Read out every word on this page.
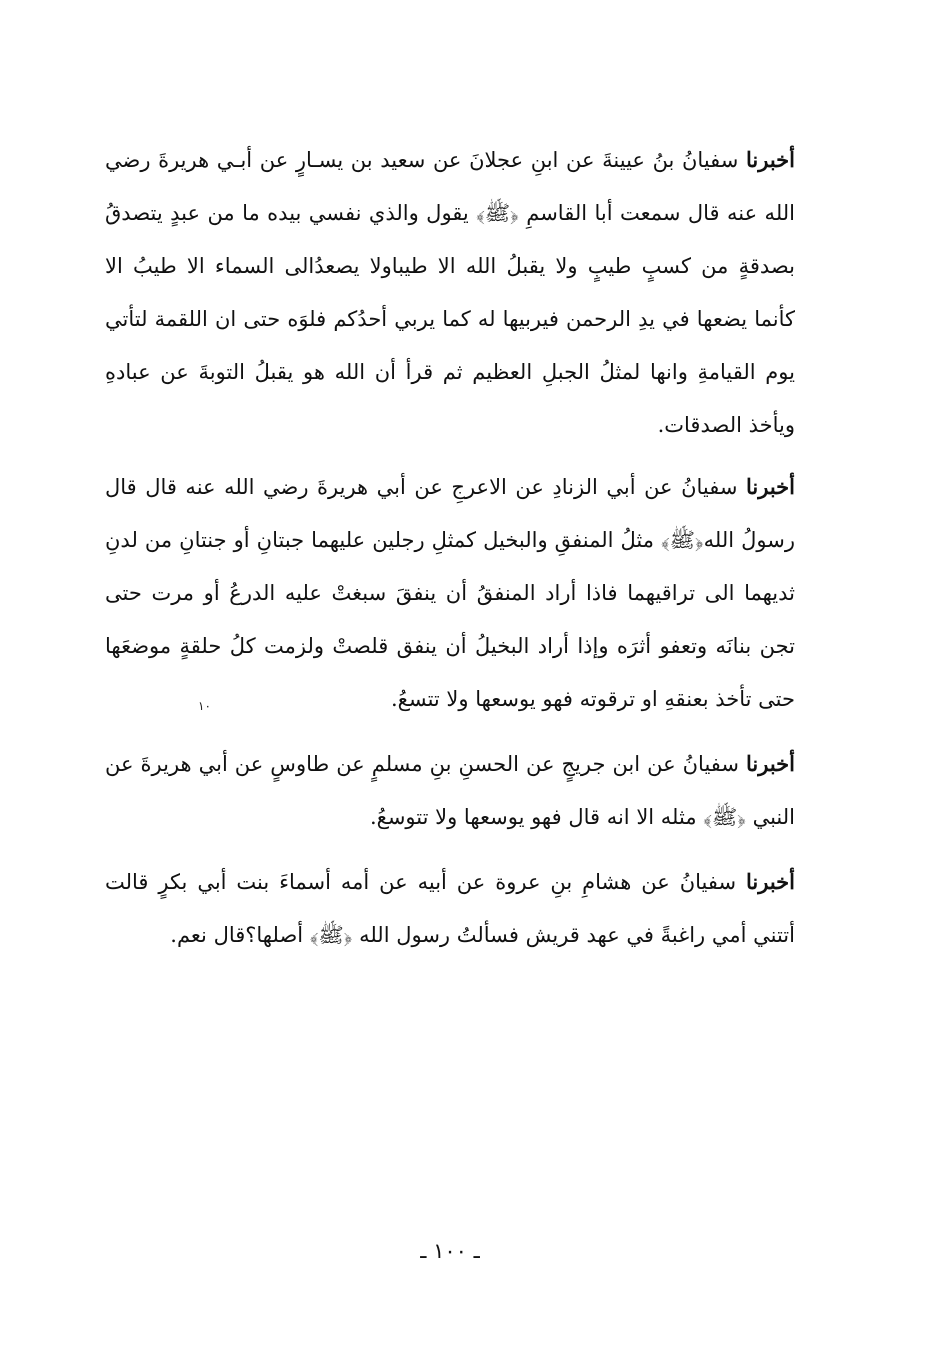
أخبرنا سفيانُ بنُ عيينةَ عن ابنِ عجلانَ عن سعيد بن يسـارٍ عن أبـي هريرةَ رضي الله عنه قال سمعت أبا القاسمِ ﴿ﷺ﴾ يقول والذي نفسي بيده ما من عبدٍ يتصدقُ بصدقةٍ من كسبٍ طيبٍ ولا يقبلُ الله الا طيباولا يصعدُالى السماء الا طيبُ الا كأنما يضعها في يدِ الرحمن فيربيها له كما يربي أحدُكم فلوَه حتى ان اللقمة لتأتي يوم القيامةِ وانها لمثلُ الجبلِ العظيم ثم قرأ أن الله هو يقبلُ التوبةَ عن عبادهِ ويأخذ الصدقات.

أخبرنا سفيانُ عن أبي الزنادِ عن الاعرجِ عن أبي هريرةَ رضي الله عنه قال قال رسولُ الله﴿ﷺ﴾ مثلُ المنفقِ والبخيل كمثلِ رجلين عليهما جبتانِ أو جنتانِ من لدنِ ثديهما الى تراقيهما فاذا أراد المنفقُ أن ينفقَ سبغتْ عليه الدرعُ أو مرت حتى تجن بنانَه وتعفو أثرَه وإذا أراد البخيلُ أن ينفق قلصتْ ولزمت كلُ حلقةٍ موضعَها حتى تأخذ بعنقهِ او ترقوته فهو يوسعها ولا تتسعُ.

١٠

أخبرنا سفيانُ عن ابن جريجٍ عن الحسنِ بنِ مسلمٍ عن طاوسٍ عن أبي هريرةَ عن النبي ﴿ﷺ﴾ مثله الا انه قال فهو يوسعها ولا تتوسعُ.

أخبرنا سفيانُ عن هشامِ بنِ عروة عن أبيه عن أمه أسماءَ بنت أبي بكرٍ قالت أتتني أمي راغبةً في عهد قريش فسألتُ رسول الله ﴿ﷺ﴾ أصلها؟قال نعم.

ـ ١٠٠ ـ
